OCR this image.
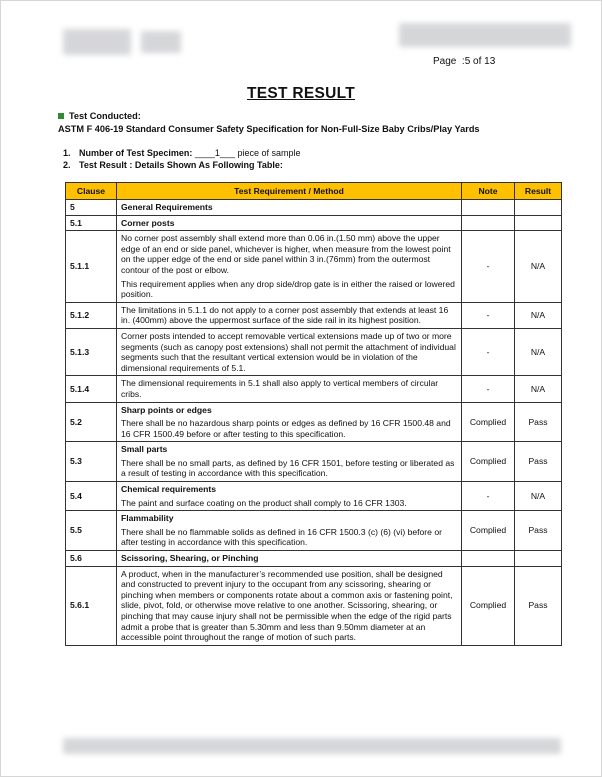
Page :5 of 13
TEST RESULT
Test Conducted:
ASTM F 406-19 Standard Consumer Safety Specification for Non-Full-Size Baby Cribs/Play Yards
1. Number of Test Specimen: ____1___ piece of sample
2. Test Result : Details Shown As Following Table:
Clause	Test Requirement / Method	Note	Result
5	General Requirements		
5.1	Corner posts		
5.1.1	No corner post assembly shall extend more than 0.06 in.(1.50 mm) above the upper edge of an end or side panel, whichever is higher, when measure from the lowest point on the upper edge of the end or side panel within 3 in.(76mm) from the outermost contour of the post or elbow.

This requirement applies when any drop side/drop gate is in either the raised or lowered position.	-	N/A
5.1.2	The limitations in 5.1.1 do not apply to a corner post assembly that extends at least 16 in. (400mm) above the uppermost surface of the side rail in its highest position.	-	N/A
5.1.3	Corner posts intended to accept removable vertical extensions made up of two or more segments (such as canopy post extensions) shall not permit the attachment of individual segments such that the resultant vertical extension would be in violation of the dimensional requirements of 5.1.	-	N/A
5.1.4	The dimensional requirements in 5.1 shall also apply to vertical members of circular cribs.	-	N/A
5.2	Sharp points or edges

There shall be no hazardous sharp points or edges as defined by 16 CFR 1500.48 and 16 CFR 1500.49 before or after testing to this specification.	Complied	Pass
5.3	Small parts

There shall be no small parts, as defined by 16 CFR 1501, before testing or liberated as a result of testing in accordance with this specification.	Complied	Pass
5.4	Chemical requirements

The paint and surface coating on the product shall comply to 16 CFR 1303.	-	N/A
5.5	Flammability

There shall be no flammable solids as defined in 16 CFR 1500.3 (c) (6) (vi) before or after testing in accordance with this specification.	Complied	Pass
5.6	Scissoring, Shearing, or Pinching		
5.6.1	A product, when in the manufacturer’s recommended use position, shall be designed and constructed to prevent injury to the occupant from any scissoring, shearing or pinching when members or components rotate about a common axis or fastening point, slide, pivot, fold, or otherwise move relative to one another. Scissoring, shearing, or pinching that may cause injury shall not be permissible when the edge of the rigid parts admit a probe that is greater than 5.30mm and less than 9.50mm diameter at an accessible point throughout the range of motion of such parts.	Complied	Pass
